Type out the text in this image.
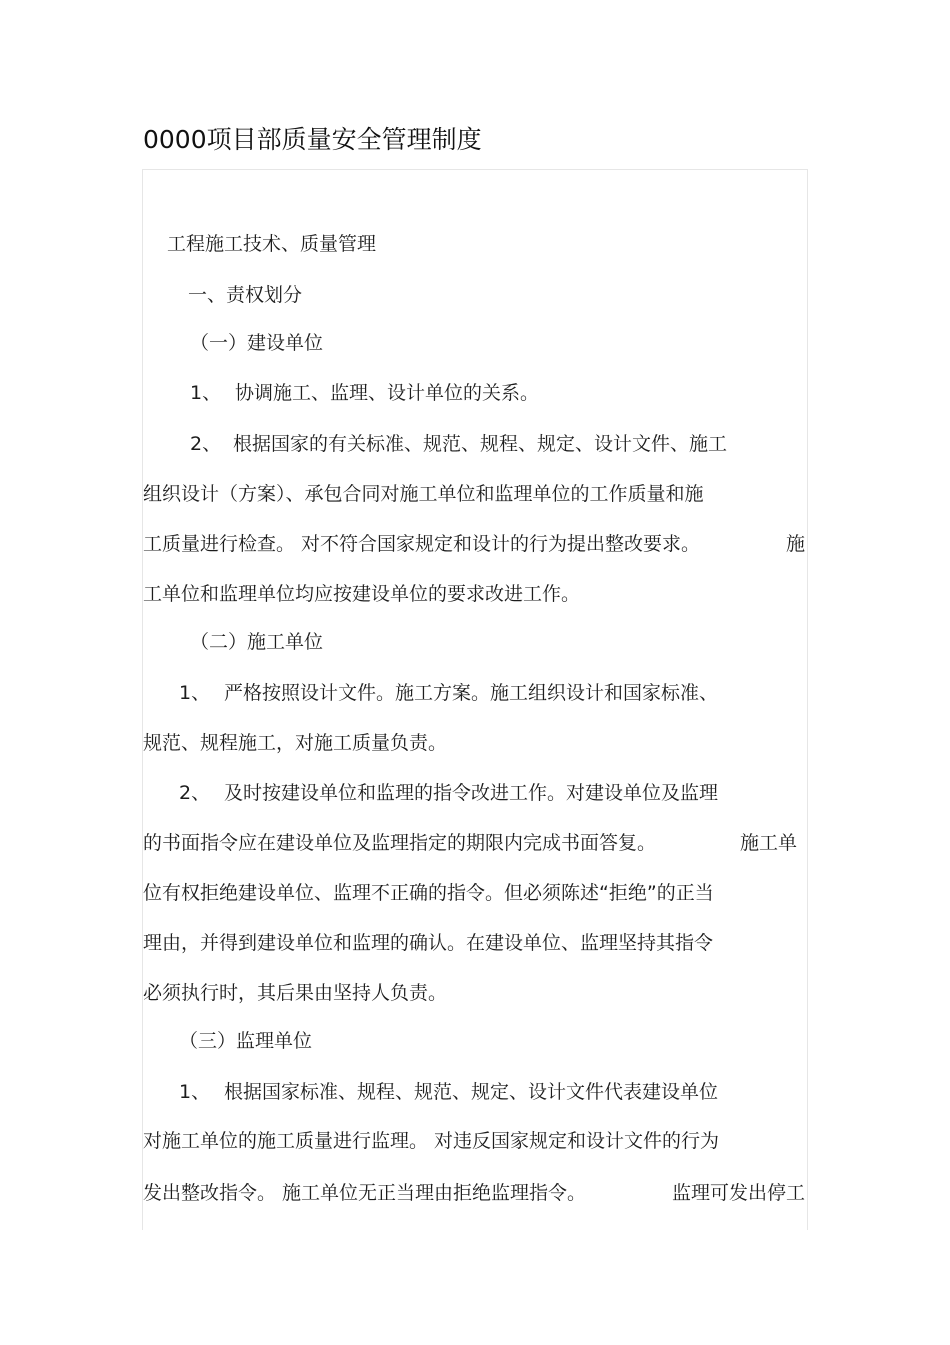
0000项目部质量安全管理制度
工程施工技术、质量管理
一、责权划分
（一）建设单位
1、 协调施工、监理、设计单位的关系。
2、 根据国家的有关标准、规范、规程、规定、设计文件、施工
组织设计（方案）、承包合同对施工单位和监理单位的工作质量和施
工质量进行检查。 对不符合国家规定和设计的行为提出整改要求。	施
工单位和监理单位均应按建设单位的要求改进工作。
（二）施工单位
1、 严格按照设计文件。施工方案。施工组织设计和国家标准、
规范、规程施工，对施工质量负责。
2、 及时按建设单位和监理的指令改进工作。对建设单位及监理
的书面指令应在建设单位及监理指定的期限内完成书面答复。	施工单
位有权拒绝建设单位、监理不正确的指令。但必须陈述“拒绝”的正当
理由，并得到建设单位和监理的确认。在建设单位、监理坚持其指令
必须执行时，其后果由坚持人负责。
（三）监理单位
1、 根据国家标准、规程、规范、规定、设计文件代表建设单位
对施工单位的施工质量进行监理。 对违反国家规定和设计文件的行为
发出整改指令。 施工单位无正当理由拒绝监理指令。	监理可发出停工
